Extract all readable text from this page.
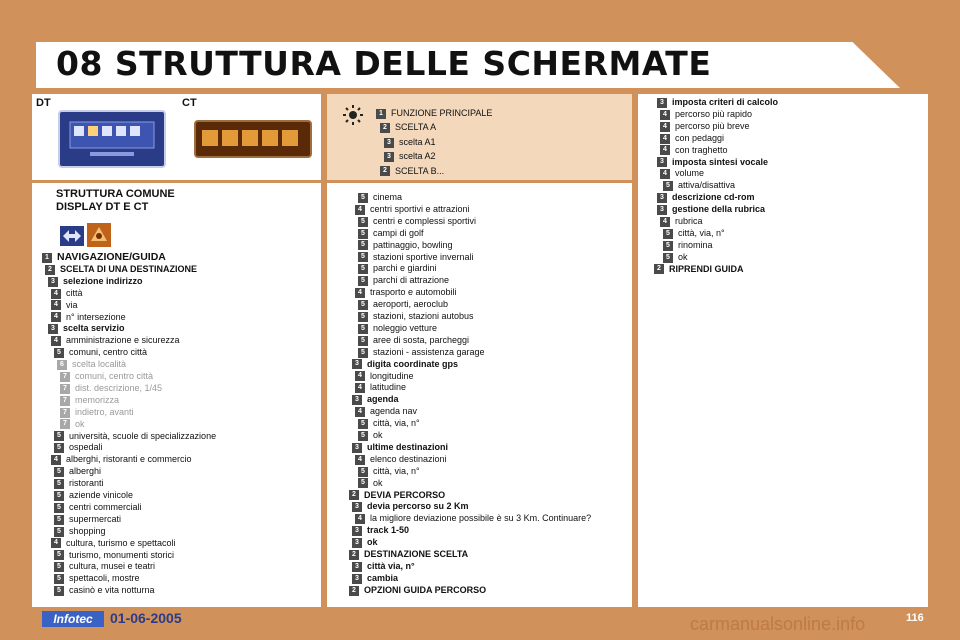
08 STRUTTURA DELLE SCHERMATE
DT	CT
1 FUNZIONE PRINCIPALE
2 SCELTA A
3 scelta A1
3 scelta A2
2 SCELTA B...
STRUTTURA COMUNE
DISPLAY DT E CT
1 NAVIGAZIONE/GUIDA
2 SCELTA DI UNA DESTINAZIONE
3 selezione indirizzo
4 città
4 via
4 n° intersezione
3 scelta servizio
4 amministrazione e sicurezza
5 comuni, centro città
6 scelta località
7 comuni, centro città
7 dist. descrizione, 1/45
7 memorizza
7 indietro, avanti
7 ok
5 università, scuole di specializzazione
5 ospedali
4 alberghi, ristoranti e commercio
5 alberghi
5 ristoranti
5 aziende vinicole
5 centri commerciali
5 supermercati
5 shopping
4 cultura, turismo e spettacoli
5 turismo, monumenti storici
5 cultura, musei e teatri
5 spettacoli, mostre
5 casinò e vita notturna
5 cinema
4 centri sportivi e attrazioni
5 centri e complessi sportivi
5 campi di golf
5 pattinaggio, bowling
5 stazioni sportive invernali
5 parchi e giardini
5 parchi di attrazione
4 trasporto e automobili
5 aeroporti, aeroclub
5 stazioni, stazioni autobus
5 noleggio vetture
5 aree di sosta, parcheggi
5 stazioni - assistenza garage
3 digita coordinate gps
4 longitudine
4 latitudine
3 agenda
4 agenda nav
5 città, via, n°
5 ok
3 ultime destinazioni
4 elenco destinazioni
5 città, via, n°
5 ok
2 DEVIA PERCORSO
3 devia percorso su 2 Km
4 la migliore deviazione possibile è su 3 Km. Continuare?
3 track 1-50
3 ok
2 DESTINAZIONE SCELTA
3 città via, n°
3 cambia
2 OPZIONI GUIDA PERCORSO
3 imposta criteri di calcolo
4 percorso più rapido
4 percorso più breve
4 con pedaggi
4 con traghetto
3 imposta sintesi vocale
4 volume
5 attiva/disattiva
3 descrizione cd-rom
3 gestione della rubrica
4 rubrica
5 città, via, n°
5 rinomina
5 ok
2 RIPRENDI GUIDA
Infotec	01-06-2005	carmanualsonline.info	116
